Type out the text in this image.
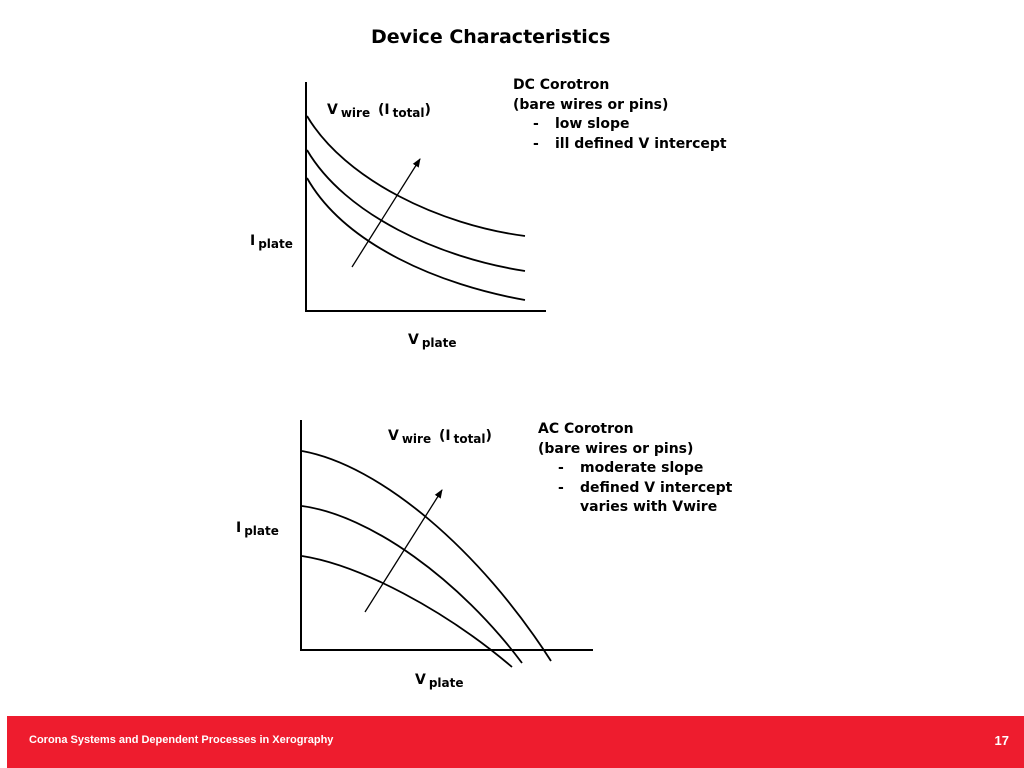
Device Characteristics
V wire (I total)
I plate
V plate
DC Corotron
(bare wires or pins)
-	low slope
-	ill defined V intercept
V wire (I total)
I plate
V plate
AC Corotron
(bare wires or pins)
-	moderate slope
-	defined V intercept
varies with Vwire
Corona Systems and Dependent Processes in Xerography	17
